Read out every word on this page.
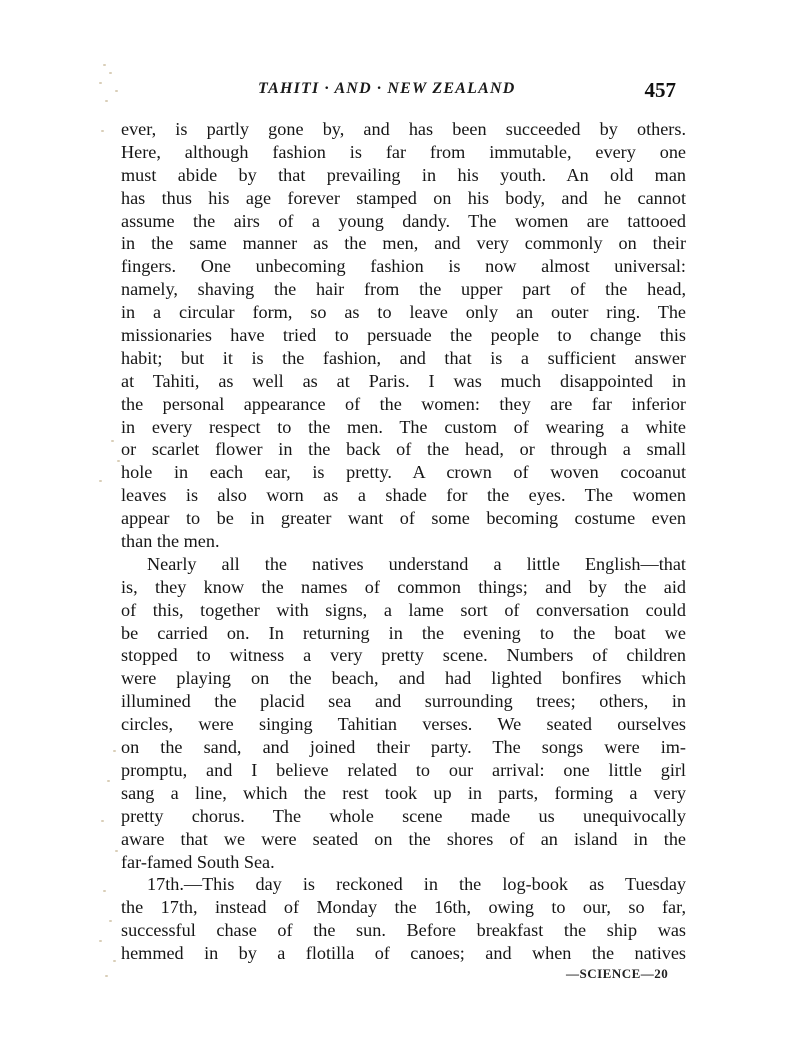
TAHITI · AND · NEW ZEALAND	457
ever, is partly gone by, and has been succeeded by others.
Here, although fashion is far from immutable, every one
must abide by that prevailing in his youth. An old man
has thus his age forever stamped on his body, and he cannot
assume the airs of a young dandy. The women are tattooed
in the same manner as the men, and very commonly on their
fingers. One unbecoming fashion is now almost universal:
namely, shaving the hair from the upper part of the head,
in a circular form, so as to leave only an outer ring. The
missionaries have tried to persuade the people to change this
habit; but it is the fashion, and that is a sufficient answer
at Tahiti, as well as at Paris. I was much disappointed in
the personal appearance of the women: they are far inferior
in every respect to the men. The custom of wearing a white
or scarlet flower in the back of the head, or through a small
hole in each ear, is pretty. A crown of woven cocoanut
leaves is also worn as a shade for the eyes. The women
appear to be in greater want of some becoming costume even
than the men.
Nearly all the natives understand a little English—that
is, they know the names of common things; and by the aid
of this, together with signs, a lame sort of conversation could
be carried on. In returning in the evening to the boat we
stopped to witness a very pretty scene. Numbers of children
were playing on the beach, and had lighted bonfires which
illumined the placid sea and surrounding trees; others, in
circles, were singing Tahitian verses. We seated ourselves
on the sand, and joined their party. The songs were im-
promptu, and I believe related to our arrival: one little girl
sang a line, which the rest took up in parts, forming a very
pretty chorus. The whole scene made us unequivocally
aware that we were seated on the shores of an island in the
far-famed South Sea.
17th.—This day is reckoned in the log-book as Tuesday
the 17th, instead of Monday the 16th, owing to our, so far,
successful chase of the sun. Before breakfast the ship was
hemmed in by a flotilla of canoes; and when the natives
—SCIENCE—20
